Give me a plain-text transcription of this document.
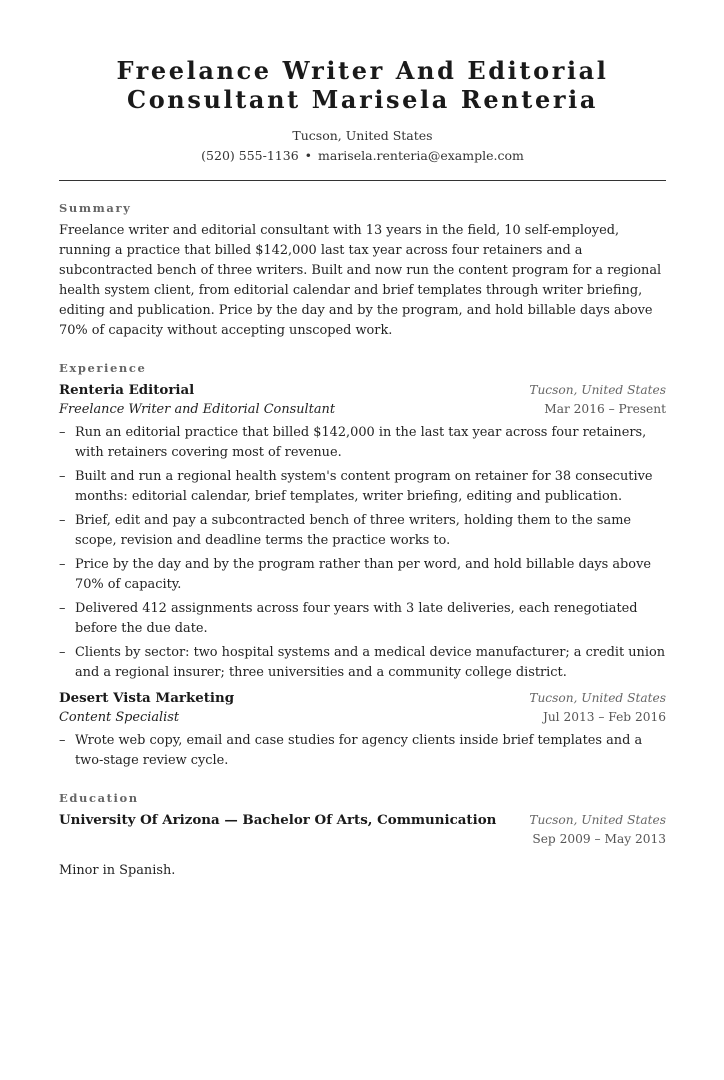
Freelance Writer And Editorial Consultant Marisela Renteria
Tucson, United States
(520) 555-1136 • marisela.renteria@example.com
Summary

Freelance writer and editorial consultant with 13 years in the field, 10 self-employed, running a practice that billed $142,000 last tax year across four retainers and a subcontracted bench of three writers. Built and now run the content program for a regional health system client, from editorial calendar and brief templates through writer briefing, editing and publication. Price by the day and by the program, and hold billable days above 70% of capacity without accepting unscoped work.

Experience
Renteria Editorial	Tucson, United States
Freelance Writer and Editorial Consultant	Mar 2016 – Present
– Run an editorial practice that billed $142,000 in the last tax year across four retainers, with retainers covering most of revenue.
– Built and run a regional health system's content program on retainer for 38 consecutive months: editorial calendar, brief templates, writer briefing, editing and publication.
– Brief, edit and pay a subcontracted bench of three writers, holding them to the same scope, revision and deadline terms the practice works to.
– Price by the day and by the program rather than per word, and hold billable days above 70% of capacity.
– Delivered 412 assignments across four years with 3 late deliveries, each renegotiated before the due date.
– Clients by sector: two hospital systems and a medical device manufacturer; a credit union and a regional insurer; three universities and a community college district.
Desert Vista Marketing	Tucson, United States
Content Specialist	Jul 2013 – Feb 2016
– Wrote web copy, email and case studies for agency clients inside brief templates and a two-stage review cycle.
Education
University Of Arizona — Bachelor Of Arts, Communication	Tucson, United States
Sep 2009 – May 2013
Minor in Spanish.
